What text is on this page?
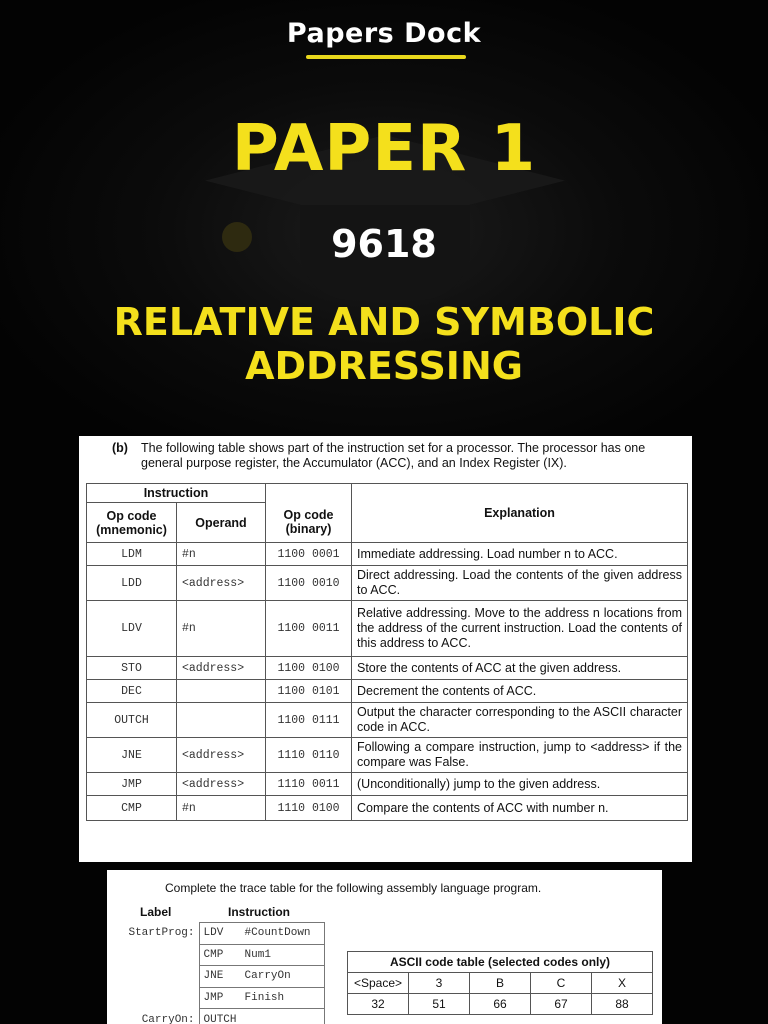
Papers Dock
PAPER 1
9618
RELATIVE AND SYMBOLIC
ADDRESSING
(b) The following table shows part of the instruction set for a processor. The processor has one general purpose register, the Accumulator (ACC), and an Index Register (IX).
Instruction			Explanation

Op code (mnemonic)	Operand	Op code (binary)	
LDM	#n	1100 0001	Immediate addressing. Load number n to ACC.
LDD	<address>	1100 0010	Direct addressing. Load the contents of the given address to ACC.
LDV	#n	1100 0011	Relative addressing. Move to the address n locations from the address of the current instruction. Load the contents of this address to ACC.
STO	<address>	1100 0100	Store the contents of ACC at the given address.
DEC		1100 0101	Decrement the contents of ACC.
OUTCH		1100 0111	Output the character corresponding to the ASCII character code in ACC.
JNE	<address>	1110 0110	Following a compare instruction, jump to <address> if the compare was False.
JMP	<address>	1110 0011	(Unconditionally) jump to the given address.
CMP	#n	1110 0100	Compare the contents of ACC with number n.
Complete the trace table for the following assembly language program.
Label	Instruction
StartProg:	LDV	#CountDown
	CMP	Num1
	JNE	CarryOn
	JMP	Finish
CarryOn:	OUTCH	
ASCII code table (selected codes only)				
<Space>	3	B	C	X
32	51	66	67	88
